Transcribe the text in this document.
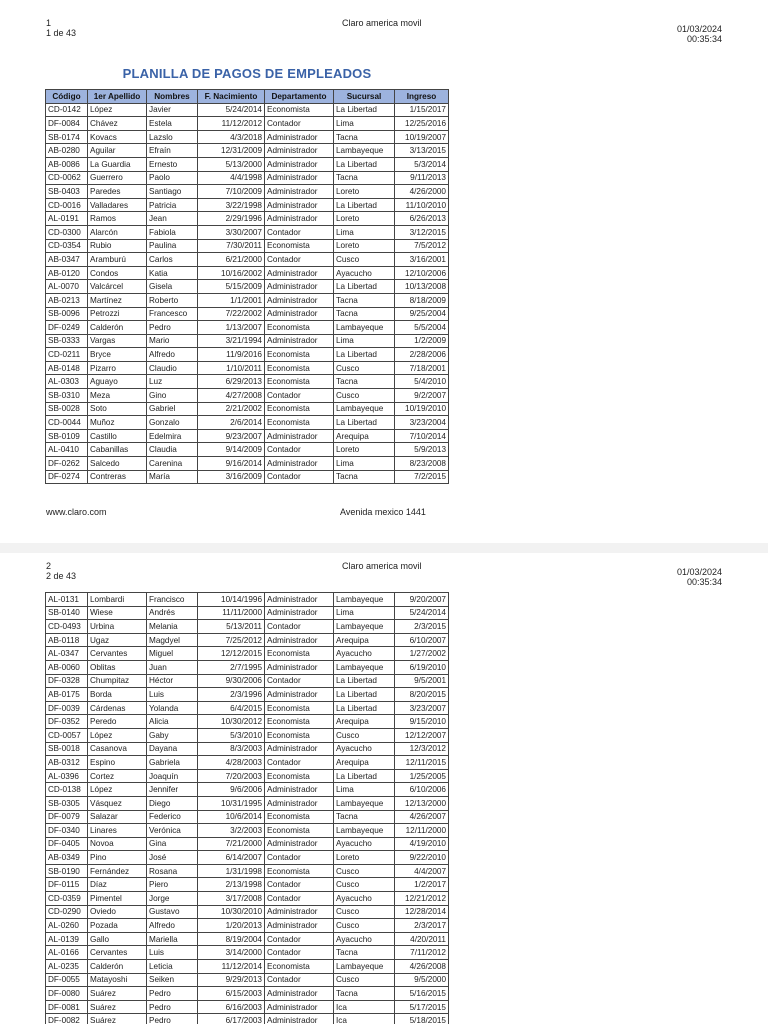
1
1 de 43
Claro america movil
01/03/2024
00:35:34
PLANILLA DE PAGOS DE EMPLEADOS
Código	1er Apellido	Nombres	F. Nacimiento	Departamento	Sucursal	Ingreso
CD-0142	López	Javier	5/24/2014	Economista	La Libertad	1/15/2017
DF-0084	Chávez	Estela	11/12/2012	Contador	Lima	12/25/2016
SB-0174	Kovacs	Lazslo	4/3/2018	Administrador	Tacna	10/19/2007
AB-0280	Aguilar	Efraín	12/31/2009	Administrador	Lambayeque	3/13/2015
AB-0086	La Guardia	Ernesto	5/13/2000	Administrador	La Libertad	5/3/2014
CD-0062	Guerrero	Paolo	4/4/1998	Administrador	Tacna	9/11/2013
SB-0403	Paredes	Santiago	7/10/2009	Administrador	Loreto	4/26/2000
CD-0016	Valladares	Patricia	3/22/1998	Administrador	La Libertad	11/10/2010
AL-0191	Ramos	Jean	2/29/1996	Administrador	Loreto	6/26/2013
CD-0300	Alarcón	Fabiola	3/30/2007	Contador	Lima	3/12/2015
CD-0354	Rubio	Paulina	7/30/2011	Economista	Loreto	7/5/2012
AB-0347	Aramburú	Carlos	6/21/2000	Contador	Cusco	3/16/2001
AB-0120	Condos	Katia	10/16/2002	Administrador	Ayacucho	12/10/2006
AL-0070	Valcárcel	Gisela	5/15/2009	Administrador	La Libertad	10/13/2008
AB-0213	Martínez	Roberto	1/1/2001	Administrador	Tacna	8/18/2009
SB-0096	Petrozzi	Francesco	7/22/2002	Administrador	Tacna	9/25/2004
DF-0249	Calderón	Pedro	1/13/2007	Economista	Lambayeque	5/5/2004
SB-0333	Vargas	Mario	3/21/1994	Administrador	Lima	1/2/2009
CD-0211	Bryce	Alfredo	11/9/2016	Economista	La Libertad	2/28/2006
AB-0148	Pizarro	Claudio	1/10/2011	Economista	Cusco	7/18/2001
AL-0303	Aguayo	Luz	6/29/2013	Economista	Tacna	5/4/2010
SB-0310	Meza	Gino	4/27/2008	Contador	Cusco	9/2/2007
SB-0028	Soto	Gabriel	2/21/2002	Economista	Lambayeque	10/19/2010
CD-0044	Muñoz	Gonzalo	2/6/2014	Economista	La Libertad	3/23/2004
SB-0109	Castillo	Edelmira	9/23/2007	Administrador	Arequipa	7/10/2014
AL-0410	Cabanillas	Claudia	9/14/2009	Contador	Loreto	5/9/2013
DF-0262	Salcedo	Carenina	9/16/2014	Administrador	Lima	8/23/2008
DF-0274	Contreras	María	3/16/2009	Contador	Tacna	7/2/2015
www.claro.com	Avenida mexico 1441
2
2 de 43
Claro america movil
01/03/2024
00:35:34
AL-0131	Lombardi	Francisco	10/14/1996	Administrador	Lambayeque	9/20/2007
SB-0140	Wiese	Andrés	11/11/2000	Administrador	Lima	5/24/2014
CD-0493	Urbina	Melania	5/13/2011	Contador	Lambayeque	2/3/2015
AB-0118	Ugaz	Magdyel	7/25/2012	Administrador	Arequipa	6/10/2007
AL-0347	Cervantes	Miguel	12/12/2015	Economista	Ayacucho	1/27/2002
AB-0060	Oblitas	Juan	2/7/1995	Administrador	Lambayeque	6/19/2010
DF-0328	Chumpitaz	Héctor	9/30/2006	Contador	La Libertad	9/5/2001
AB-0175	Borda	Luis	2/3/1996	Administrador	La Libertad	8/20/2015
DF-0039	Cárdenas	Yolanda	6/4/2015	Economista	La Libertad	3/23/2007
DF-0352	Peredo	Alicia	10/30/2012	Economista	Arequipa	9/15/2010
CD-0057	López	Gaby	5/3/2010	Economista	Cusco	12/12/2007
SB-0018	Casanova	Dayana	8/3/2003	Administrador	Ayacucho	12/3/2012
AB-0312	Espino	Gabriela	4/28/2003	Contador	Arequipa	12/11/2015
AL-0396	Cortez	Joaquín	7/20/2003	Economista	La Libertad	1/25/2005
CD-0138	López	Jennifer	9/6/2006	Administrador	Lima	6/10/2006
SB-0305	Vásquez	Diego	10/31/1995	Administrador	Lambayeque	12/13/2000
DF-0079	Salazar	Federico	10/6/2014	Economista	Tacna	4/26/2007
DF-0340	Linares	Verónica	3/2/2003	Economista	Lambayeque	12/11/2000
DF-0405	Novoa	Gina	7/21/2000	Administrador	Ayacucho	4/19/2010
AB-0349	Pino	José	6/14/2007	Contador	Loreto	9/22/2010
SB-0190	Fernández	Rosana	1/31/1998	Economista	Cusco	4/4/2007
DF-0115	Díaz	Piero	2/13/1998	Contador	Cusco	1/2/2017
CD-0359	Pimentel	Jorge	3/17/2008	Contador	Ayacucho	12/21/2012
CD-0290	Oviedo	Gustavo	10/30/2010	Administrador	Cusco	12/28/2014
AL-0260	Pozada	Alfredo	1/20/2013	Administrador	Cusco	2/3/2017
AL-0139	Gallo	Mariella	8/19/2004	Contador	Ayacucho	4/20/2011
AL-0166	Cervantes	Luis	3/14/2000	Contador	Tacna	7/11/2012
AL-0235	Calderón	Leticia	11/12/2014	Economista	Lambayeque	4/26/2008
DF-0055	Matayoshi	Seiken	9/29/2013	Contador	Cusco	9/5/2000
DF-0080	Suárez	Pedro	6/15/2003	Administrador	Tacna	5/16/2015
DF-0081	Suárez	Pedro	6/16/2003	Administrador	Ica	5/17/2015
DF-0082	Suárez	Pedro	6/17/2003	Administrador	Ica	5/18/2015
